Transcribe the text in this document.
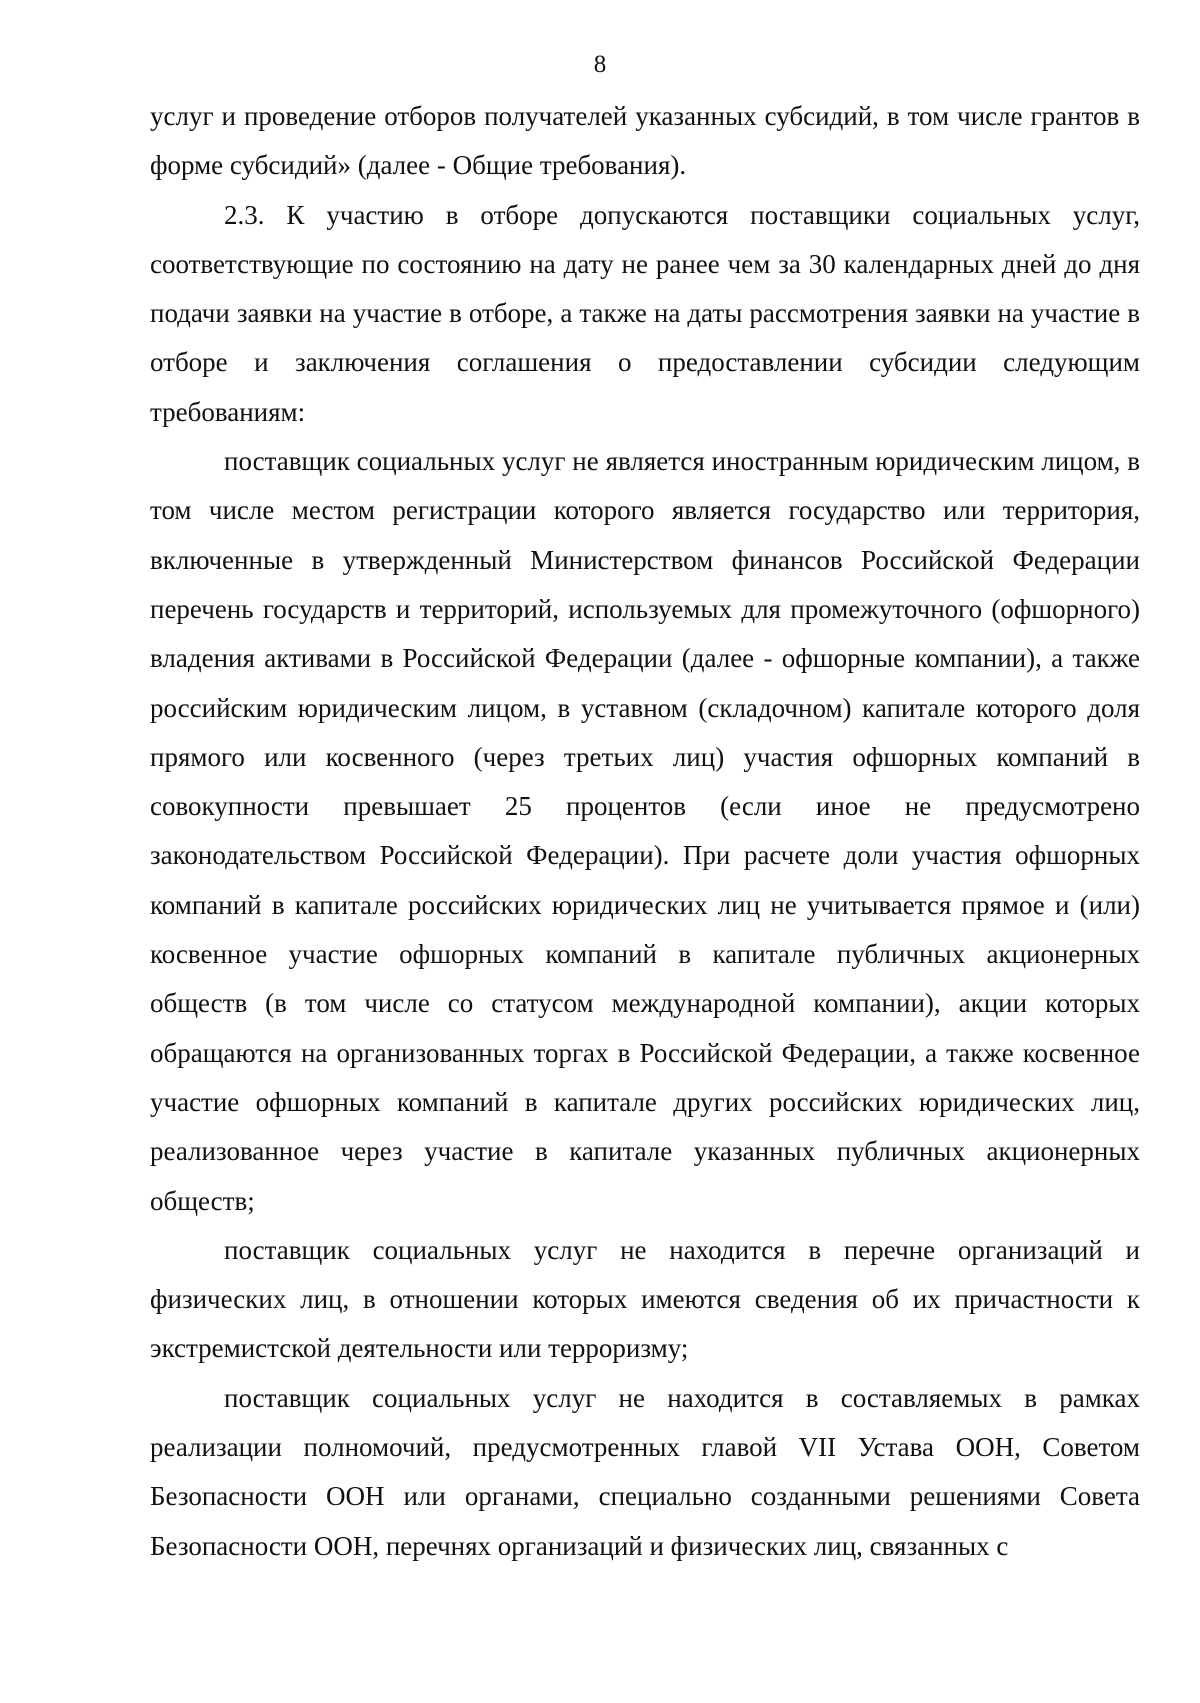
8

услуг и проведение отборов получателей указанных субсидий, в том числе грантов в форме субсидий» (далее - Общие требования).

2.3. К участию в отборе допускаются поставщики социальных услуг, соответствующие по состоянию на дату не ранее чем за 30 календарных дней до дня подачи заявки на участие в отборе, а также на даты рассмотрения заявки на участие в отборе и заключения соглашения о предоставлении субсидии следующим требованиям:

поставщик социальных услуг не является иностранным юридическим лицом, в том числе местом регистрации которого является государство или территория, включенные в утвержденный Министерством финансов Российской Федерации перечень государств и территорий, используемых для промежуточного (офшорного) владения активами в Российской Федерации (далее - офшорные компании), а также российским юридическим лицом, в уставном (складочном) капитале которого доля прямого или косвенного (через третьих лиц) участия офшорных компаний в совокупности превышает 25 процентов (если иное не предусмотрено законодательством Российской Федерации). При расчете доли участия офшорных компаний в капитале российских юридических лиц не учитывается прямое и (или) косвенное участие офшорных компаний в капитале публичных акционерных обществ (в том числе со статусом международной компании), акции которых обращаются на организованных торгах в Российской Федерации, а также косвенное участие офшорных компаний в капитале других российских юридических лиц, реализованное через участие в капитале указанных публичных акционерных обществ;

поставщик социальных услуг не находится в перечне организаций и физических лиц, в отношении которых имеются сведения об их причастности к экстремистской деятельности или терроризму;

поставщик социальных услуг не находится в составляемых в рамках реализации полномочий, предусмотренных главой VII Устава ООН, Советом Безопасности ООН или органами, специально созданными решениями Совета Безопасности ООН, перечнях организаций и физических лиц, связанных с
